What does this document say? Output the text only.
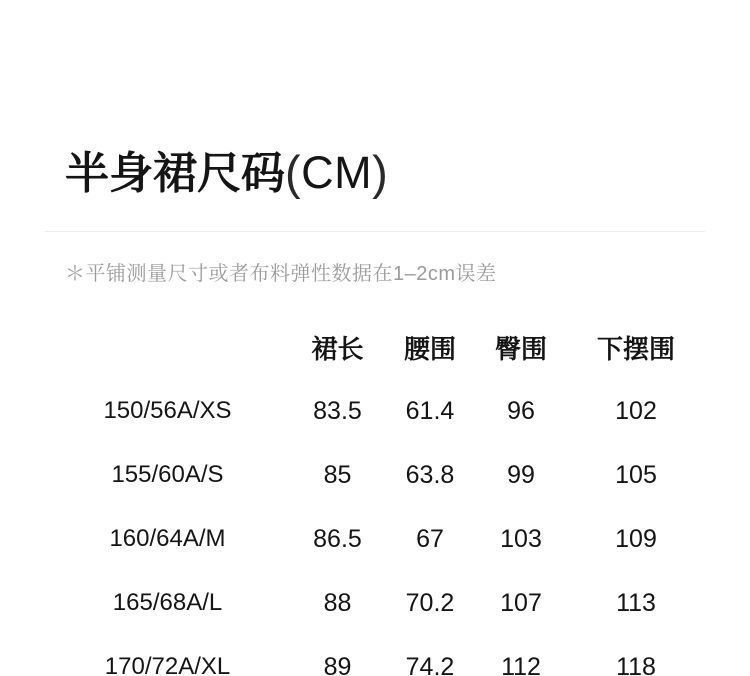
半身裙尺码(CM)
＊平铺测量尺寸或者布料弹性数据在1–2cm误差
	裙长	腰围	臀围	下摆围
150/56A/XS	83.5	61.4	96	102
155/60A/S	85	63.8	99	105
160/64A/M	86.5	67	103	109
165/68A/L	88	70.2	107	113
170/72A/XL	89	74.2	112	118
